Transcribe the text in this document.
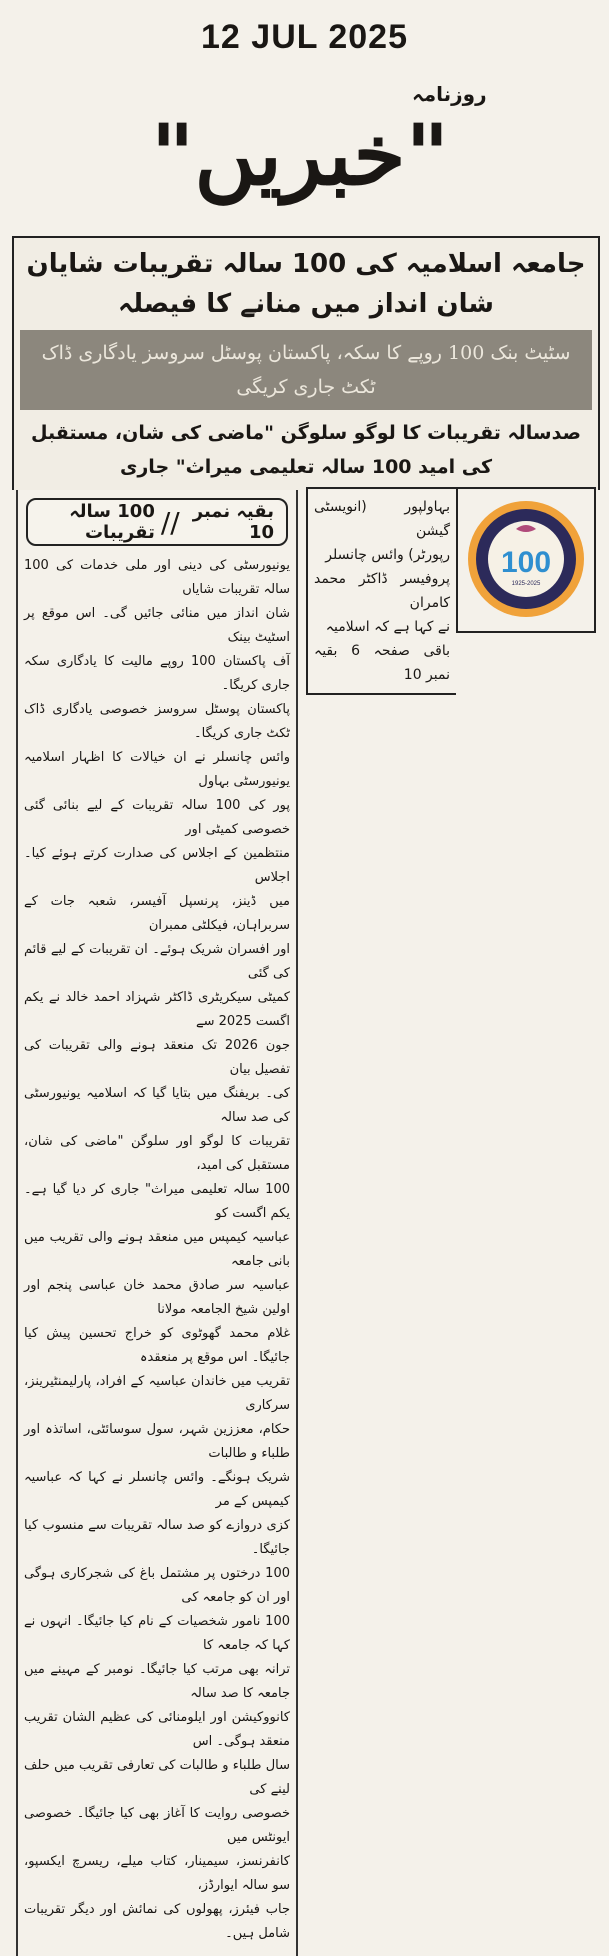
12 JUL 2025
روزنامہ
"خبریں"
جامعہ اسلامیہ کی 100 سالہ تقریبات شایان شان انداز میں منانے کا فیصلہ
سٹیٹ بنک 100 روپے کا سکہ، پاکستان پوسٹل سروسز یادگاری ڈاک ٹکٹ جاری کریگی
صدسالہ تقریبات کا لوگو سلوگن "ماضی کی شان، مستقبل کی امید 100 سالہ تعلیمی میراث" جاری
بقیہ نمبر 10
//
100 سالہ تقریبات
یونیورسٹی کی دینی اور ملی خدمات کی 100 سالہ تقریبات شایاں
شان انداز میں منائی جائیں گی۔ اس موقع پر اسٹیٹ بینک
آف پاکستان 100 روپے مالیت کا یادگاری سکہ جاری کریگا۔
پاکستان پوسٹل سروسز خصوصی یادگاری ڈاک ٹکٹ جاری کریگا۔
وائس چانسلر نے ان خیالات کا اظہار اسلامیہ یونیورسٹی بہاول
پور کی 100 سالہ تقریبات کے لیے بنائی گئی خصوصی کمیٹی اور
منتظمین کے اجلاس کی صدارت کرتے ہوئے کیا۔ اجلاس
میں ڈینز، پرنسپل آفیسر، شعبہ جات کے سربراہان، فیکلٹی ممبران
اور افسران شریک ہوئے۔ ان تقریبات کے لیے قائم کی گئی
کمیٹی سیکریٹری ڈاکٹر شہزاد احمد خالد نے یکم اگست 2025 سے
جون 2026 تک منعقد ہونے والی تقریبات کی تفصیل بیان
کی۔ بریفنگ میں بتایا گیا کہ اسلامیہ یونیورسٹی کی صد سالہ
تقریبات کا لوگو اور سلوگن "ماضی کی شان، مستقبل کی امید،
100 سالہ تعلیمی میراث" جاری کر دیا گیا ہے۔ یکم اگست کو
عباسیہ کیمپس میں منعقد ہونے والی تقریب میں بانی جامعہ
عباسیہ سر صادق محمد خان عباسی پنجم اور اولین شیخ الجامعہ مولانا
غلام محمد گھوٹوی کو خراج تحسین پیش کیا جائیگا۔ اس موقع پر منعقدہ
تقریب میں خاندان عباسیہ کے افراد، پارلیمنٹیرینز، سرکاری
حکام، معززین شہر، سول سوسائٹی، اساتذہ اور طلباء و طالبات
شریک ہونگے۔ وائس چانسلر نے کہا کہ عباسیہ کیمپس کے مر
کزی دروازے کو صد سالہ تقریبات سے منسوب کیا جائیگا۔
100 درختوں پر مشتمل باغ کی شجرکاری ہوگی اور ان کو جامعہ کی
100 نامور شخصیات کے نام کیا جائیگا۔ انہوں نے کہا کہ جامعہ کا
ترانہ بھی مرتب کیا جائیگا۔ نومبر کے مہینے میں جامعہ کا صد سالہ
کانووکیشن اور ایلومنائی کی عظیم الشان تقریب منعقد ہوگی۔ اس
سال طلباء و طالبات کی تعارفی تقریب میں حلف لینے کی
خصوصی روایت کا آغاز بھی کیا جائیگا۔ خصوصی ایونٹس میں
کانفرنسز، سیمینار، کتاب میلے، ریسرچ ایکسپو، سو سالہ ایوارڈز،
جاب فیئرز، پھولوں کی نمائش اور دیگر تقریبات شامل ہیں۔
بہاولپور (انویسٹی گیشن
رپورٹر) وائس چانسلر
پروفیسر ڈاکٹر محمد کامران
نے کہا ہے کہ اسلامیہ
باقی صفحہ 6 بقیہ نمبر 10
100
1925-2025
